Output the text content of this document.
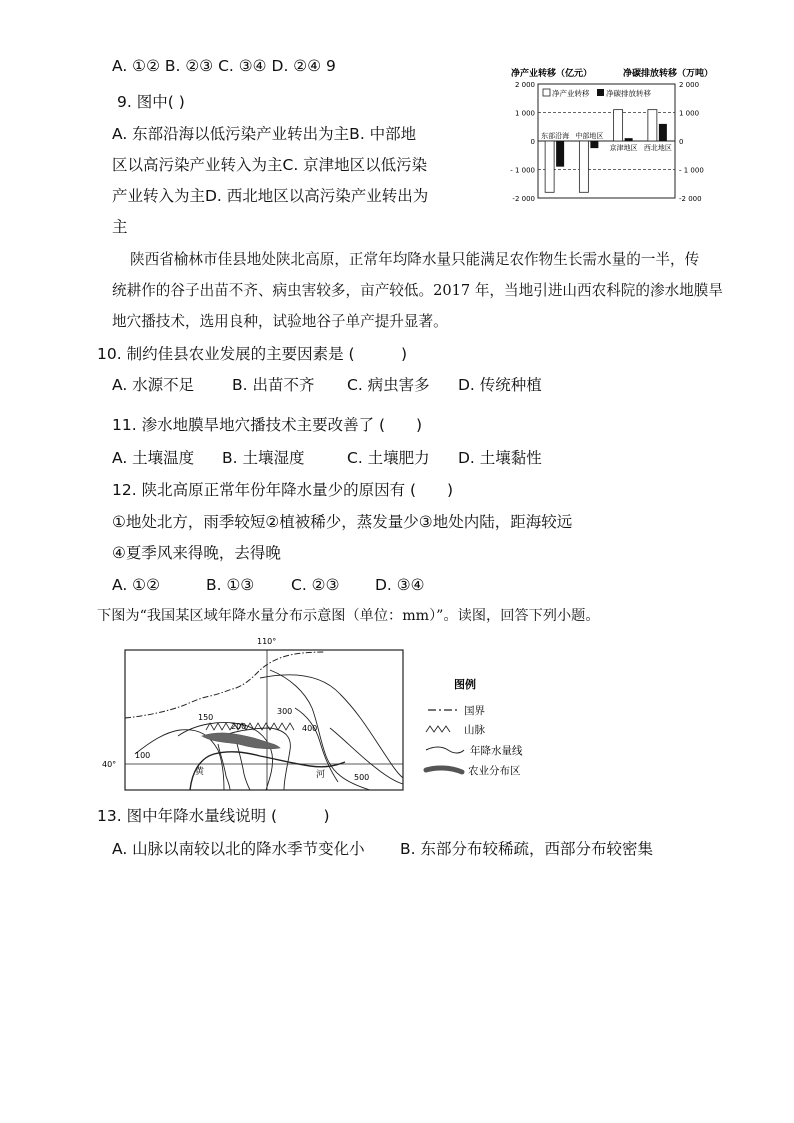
A. ①② B. ②③ C. ③④ D. ②④ 9
9. 图中( )
A. 东部沿海以低污染产业转出为主B. 中部地
区以高污染产业转入为主C. 京津地区以低污染
产业转入为主D. 西北地区以高污染产业转出为
主
净产业转移（亿元）	净碳排放转移（万吨）
2 000	2 000
1 000	1 000
0	0
- 1 000	- 1 000
-2 000	-2 000
东部沿海 中部地区
京津地区 西北地区
净产业转移 净碳排放转移
陕西省榆林市佳县地处陕北高原，正常年均降水量只能满足农作物生长需水量的一半，传
统耕作的谷子出苗不齐、病虫害较多，亩产较低。2017 年，当地引进山西农科院的渗水地膜旱
地穴播技术，选用良种，试验地谷子单产提升显著。
10. 制约佳县农业发展的主要因素是 (　　　)
A. 水源不足 B. 出苗不齐 C. 病虫害多 D. 传统种植
11. 渗水地膜旱地穴播技术主要改善了 (　　)
A. 土壤温度 B. 土壤湿度	C. 土壤肥力 D. 土壤黏性
12. 陕北高原正常年份年降水量少的原因有 (　　)
①地处北方，雨季较短②植被稀少，蒸发量少③地处内陆，距海较远
④夏季风来得晚，去得晚
A. ①②	B. ①③ C. ②③ D. ③④
下图为“我国某区域年降水量分布示意图（单位：mm）”。读图，回答下列小题。
110°
40°
150
200
300
400
100
500
黄	河
图例
国界
山脉
年降水量线
农业分布区
13. 图中年降水量线说明 (　　　)
A. 山脉以南较以北的降水季节变化小 B. 东部分布较稀疏，西部分布较密集
